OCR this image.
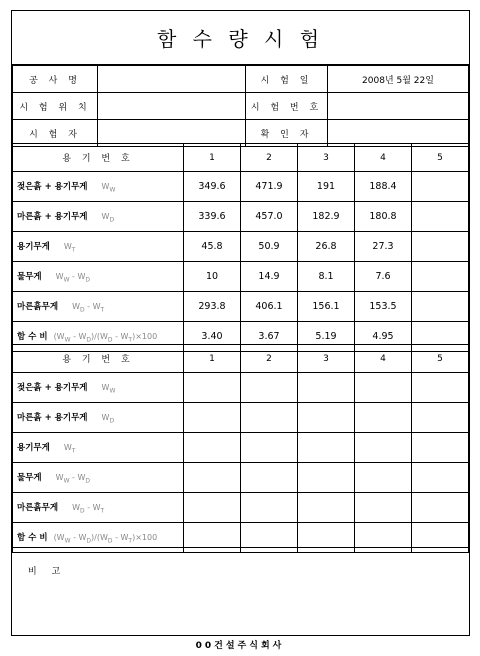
함 수 량 시 험
공 사 명		시 험 일	2008년 5월 22일
시 험 위 치		시 험 번 호	
시 험 자		확 인 자	
용 기 번 호	1	2	3	4	5
젖은흙 + 용기무게 $W_W$	349.6	471.9	191	188.4	
마른흙 + 용기무게 $W_D$	339.6	457.0	182.9	180.8	
용기무게 $W_T$	45.8	50.9	26.8	27.3	
물무게 $W_W - W_D$	10	14.9	8.1	7.6	
마른흙무게 $W_D - W_T$	293.8	406.1	156.1	153.5	
함 수 비 $(W_W - W_D)/(W_D - W_T)\times 100$	3.40	3.67	5.19	4.95	
용 기 번 호	1	2	3	4	5
젖은흙 + 용기무게 $W_W$					
마른흙 + 용기무게 $W_D$					
용기무게 $W_T$					
물무게 $W_W - W_D$					
마른흙무게 $W_D - W_T$					
함 수 비 $(W_W - W_D)/(W_D - W_T)\times 100$					
비 고
00건설주식회사
